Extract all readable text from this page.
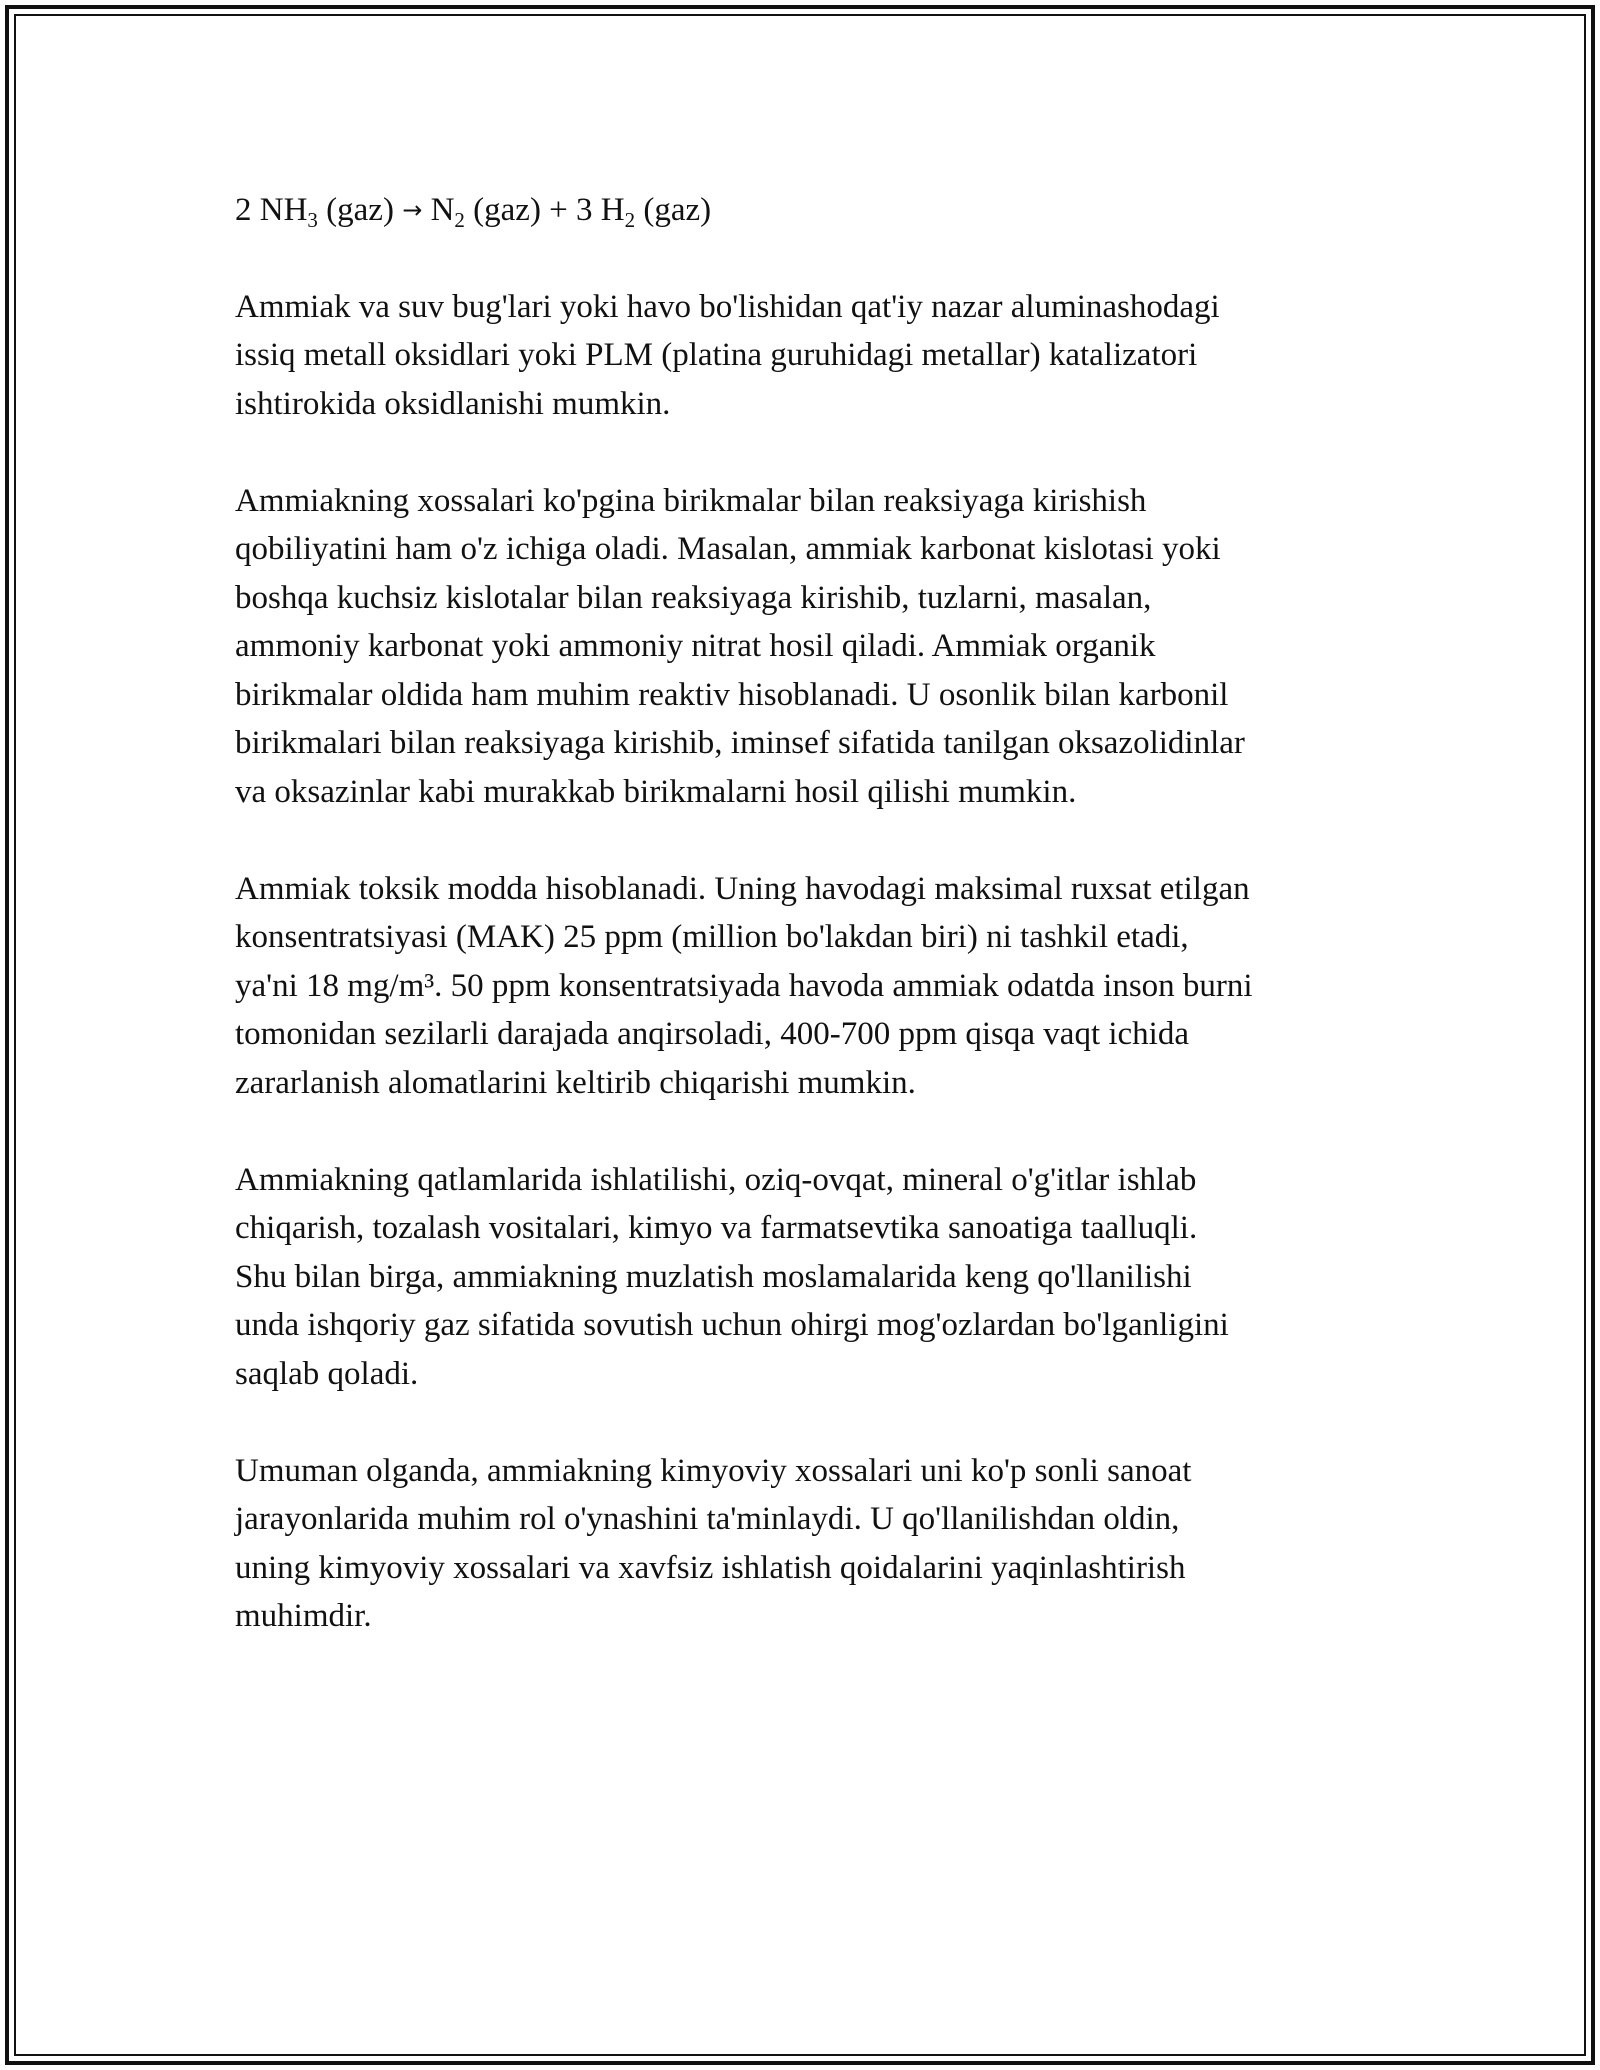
2 $NH_3$ $(gaz) \to N_2$ (gaz) + 3 $H_2$ (gaz)
Ammiak va suv bug'lari yoki havo bo'lishidan qat'iy nazar aluminashodagi
issiq metall oksidlari yoki PLM (platina guruhidagi metallar) katalizatori
ishtirokida oksidlanishi mumkin.
Ammiakning xossalari ko'pgina birikmalar bilan reaksiyaga kirishish
qobiliyatini ham o'z ichiga oladi. Masalan, ammiak karbonat kislotasi yoki
boshqa kuchsiz kislotalar bilan reaksiyaga kirishib, tuzlarni, masalan,
ammoniy karbonat yoki ammoniy nitrat hosil qiladi. Ammiak organik
birikmalar oldida ham muhim reaktiv hisoblanadi. U osonlik bilan karbonil
birikmalari bilan reaksiyaga kirishib, iminsef sifatida tanilgan oksazolidinlar
va oksazinlar kabi murakkab birikmalarni hosil qilishi mumkin.
Ammiak toksik modda hisoblanadi. Uning havodagi maksimal ruxsat etilgan
konsentratsiyasi (MAK) 25 ppm (million bo'lakdan biri) ni tashkil etadi,
ya'ni 18 mg/m³. 50 ppm konsentratsiyada havoda ammiak odatda inson burni
tomonidan sezilarli darajada anqirsoladi, 400-700 ppm qisqa vaqt ichida
zararlanish alomatlarini keltirib chiqarishi mumkin.
Ammiakning qatlamlarida ishlatilishi, oziq-ovqat, mineral o'g'itlar ishlab
chiqarish, tozalash vositalari, kimyo va farmatsevtika sanoatiga taalluqli.
Shu bilan birga, ammiakning muzlatish moslamalarida keng qo'llanilishi
unda ishqoriy gaz sifatida sovutish uchun ohirgi mog'ozlardan bo'lganligini
saqlab qoladi.
Umuman olganda, ammiakning kimyoviy xossalari uni ko'p sonli sanoat
jarayonlarida muhim rol o'ynashini ta'minlaydi. U qo'llanilishdan oldin,
uning kimyoviy xossalari va xavfsiz ishlatish qoidalarini yaqinlashtirish
muhimdir.
